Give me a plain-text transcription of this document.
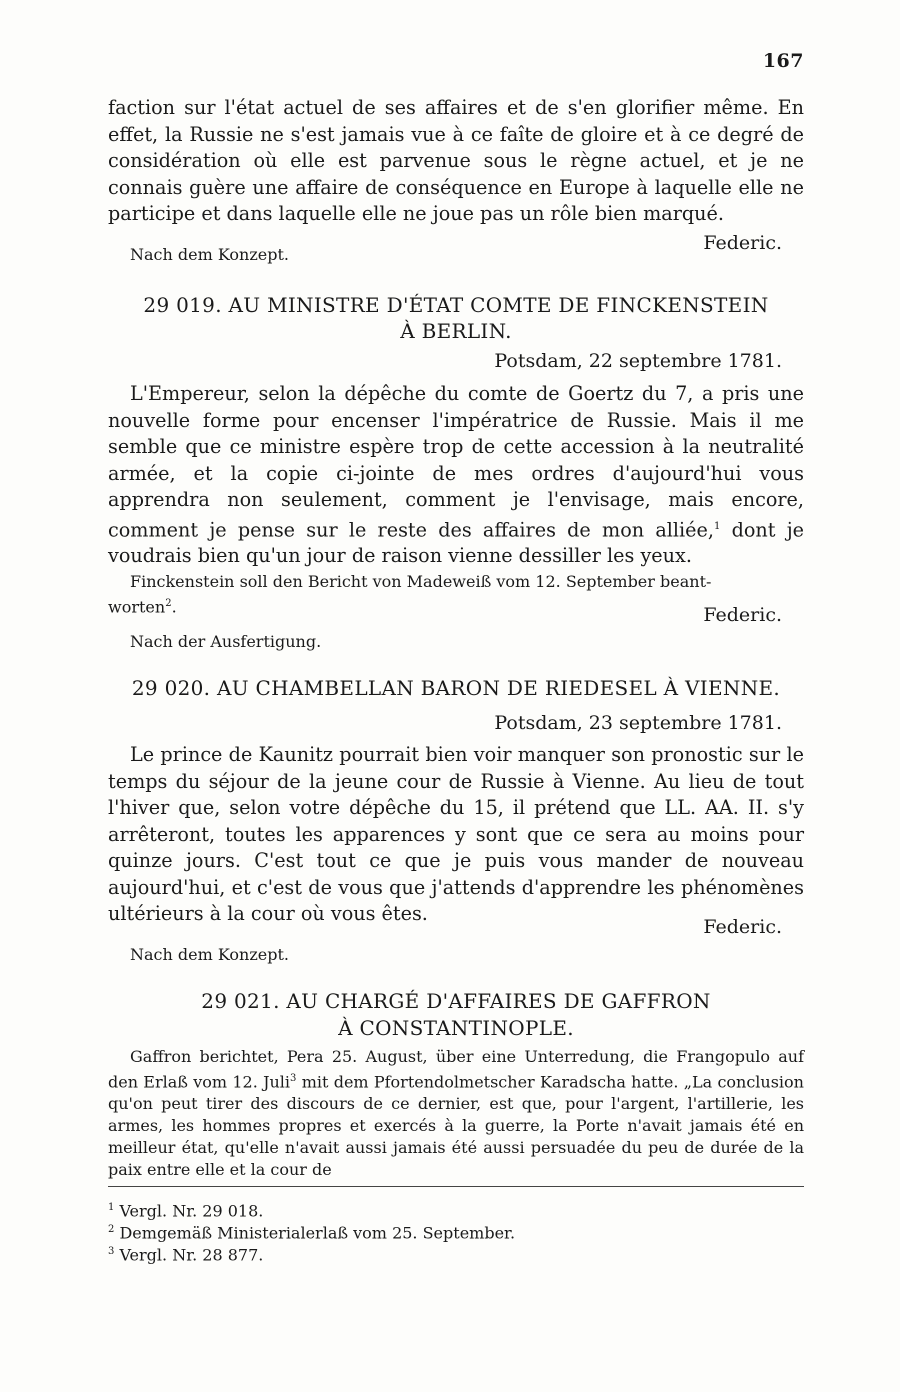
167
faction sur l'état actuel de ses affaires et de s'en glorifier même. En effet, la Russie ne s'est jamais vue à ce faîte de gloire et à ce degré de considération où elle est parvenue sous le règne actuel, et je ne connais guère une affaire de conséquence en Europe à laquelle elle ne participe et dans laquelle elle ne joue pas un rôle bien marqué.
Nach dem Konzept.
Federic.
29 019. AU MINISTRE D'ÉTAT COMTE DE FINCKENSTEIN
À BERLIN.
Potsdam, 22 septembre 1781.
L'Empereur, selon la dépêche du comte de Goertz du 7, a pris une nouvelle forme pour encenser l'impératrice de Russie. Mais il me semble que ce ministre espère trop de cette accession à la neutralité armée, et la copie ci-jointe de mes ordres d'aujourd'hui vous apprendra non seulement, comment je l'envisage, mais encore, comment je pense sur le reste des affaires de mon alliée,$^1$ dont je voudrais bien qu'un jour de raison vienne dessiller les yeux.
Finckenstein soll den Bericht von Madeweiß vom 12. September beant-
worten$^2$.	Federic.
Nach der Ausfertigung.
29 020. AU CHAMBELLAN BARON DE RIEDESEL À VIENNE.
Potsdam, 23 septembre 1781.
Le prince de Kaunitz pourrait bien voir manquer son pronostic sur le temps du séjour de la jeune cour de Russie à Vienne. Au lieu de tout l'hiver que, selon votre dépêche du 15, il prétend que LL. AA. II. s'y arrêteront, toutes les apparences y sont que ce sera au moins pour quinze jours. C'est tout ce que je puis vous mander de nouveau aujourd'hui, et c'est de vous que j'attends d'apprendre les phénomènes ultérieurs à la cour où vous êtes.
Federic.
Nach dem Konzept.
29 021. AU CHARGÉ D'AFFAIRES DE GAFFRON
À CONSTANTINOPLE.
Gaffron berichtet, Pera 25. August, über eine Unterredung, die Frangopulo auf den Erlaß vom 12. Juli$^3$ mit dem Pfortendolmetscher Karadscha hatte. „La conclusion qu'on peut tirer des discours de ce dernier, est que, pour l'argent, l'artillerie, les armes, les hommes propres et exercés à la guerre, la Porte n'avait jamais été en meilleur état, qu'elle n'avait aussi jamais été aussi persuadée du peu de durée de la paix entre elle et la cour de
$^1$ Vergl. Nr. 29 018.
$^2$ Demgemäß Ministerialerlaß vom 25. September.
$^3$ Vergl. Nr. 28 877.
